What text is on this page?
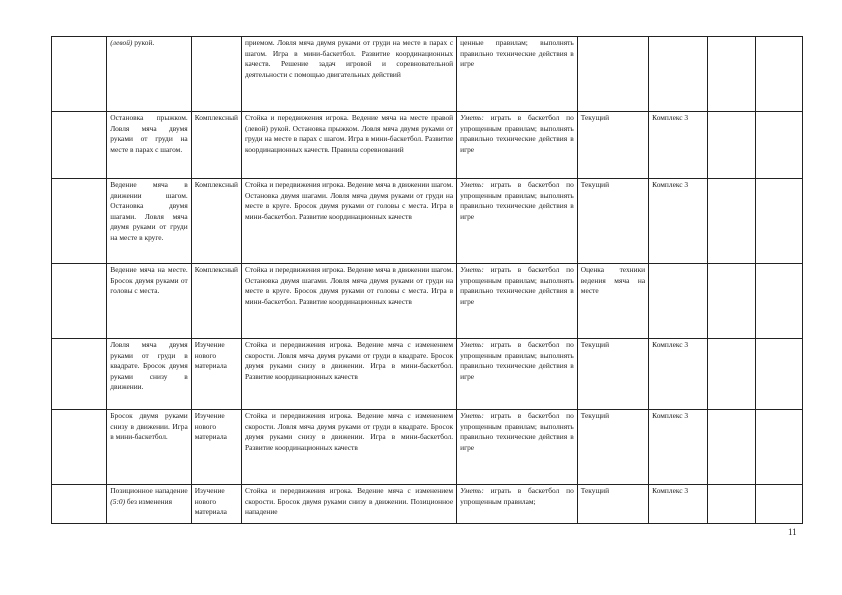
	(левой) рукой.		приемом. Ловля мяча двумя руками от груди на месте в парах с шагом. Игра в мини-баскетбол. Развитие координационных качеств. Решение задач игровой и соревновательной деятельности с помощью двигательных действий	ценные правилам; выполнять правильно технические действия в игре				
	Остановка прыжком. Ловля мяча двумя руками от груди на месте в парах с шагом.	Комплексный	Стойка и передвижения игрока. Ведение мяча на месте правой (левой) рукой. Остановка прыжком. Ловля мяча двумя руками от груди на месте в парах с шагом. Игра в мини-баскетбол. Развитие координационных качеств. Правила соревнований	Уметь: играть в баскетбол по упрощенным правилам; выполнять правильно технические действия в игре	Текущий	Комплекс 3		
	Ведение мяча в движении шагом. Остановка двумя шагами. Ловля мяча двумя руками от груди на месте в круге.	Комплексный	Стойка и передвижения игрока. Ведение мяча в движении шагом. Остановка двумя шагами. Ловля мяча двумя руками от груди на месте в круге. Бросок двумя руками от головы с места. Игра в мини-баскетбол. Развитие координационных качеств	Уметь: играть в баскетбол по упрощенным правилам; выполнять правильно технические действия в игре	Текущий	Комплекс 3		
	Ведение мяча на месте. Бросок двумя руками от головы с места.	Комплексный	Стойка и передвижения игрока. Ведение мяча в движении шагом. Остановка двумя шагами. Ловля мяча двумя руками от груди на месте в круге. Бросок двумя руками от головы с места. Игра в мини-баскетбол. Развитие координационных качеств	Уметь: играть в баскетбол по упрощенным правилам; выполнять правильно технические действия в игре	Оценка техники ведения мяча на месте			
	Ловля мяча двумя руками от груди в квадрате. Бросок двумя руками снизу в движении.	Изучение нового материала	Стойка и передвижения игрока. Ведение мяча с изменением скорости. Ловля мяча двумя руками от груди в квадрате. Бросок двумя руками снизу в движении. Игра в мини-баскетбол. Развитие координационных качеств	Уметь: играть в баскетбол по упрощенным правилам; выполнять правильно технические действия в игре	Текущий	Комплекс 3		
	Бросок двумя руками снизу в движении. Игра в мини-баскетбол.	Изучение нового материала	Стойка и передвижения игрока. Ведение мяча с изменением скорости. Ловля мяча двумя руками от груди в квадрате. Бросок двумя руками снизу в движении. Игра в мини-баскетбол. Развитие координационных качеств	Уметь: играть в баскетбол по упрощенным правилам; выполнять правильно технические действия в игре	Текущий	Комплекс 3		
	Позиционное нападение (5:0) без изменения	Изучение нового материала	Стойка и передвижения игрока. Ведение мяча с изменением скорости. Бросок двумя руками снизу в движении. Позиционное нападение	Уметь: играть в баскетбол по упрощенным правилам;	Текущий	Комплекс 3		
11
